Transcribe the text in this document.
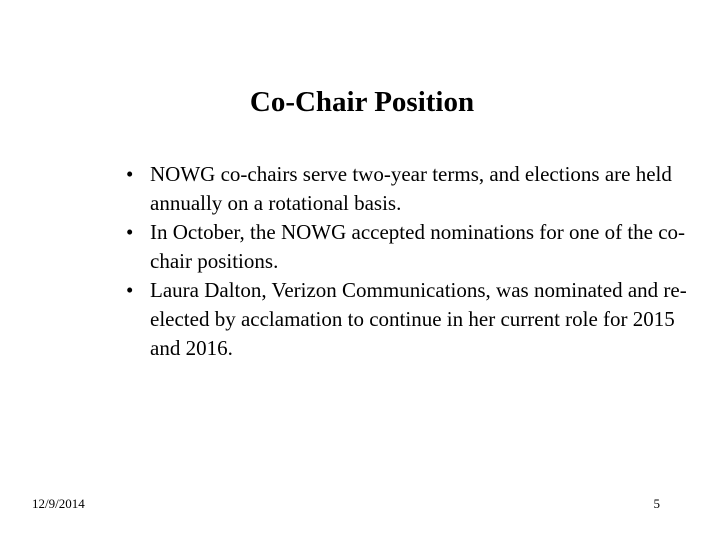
Co-Chair Position
• NOWG co-chairs serve two-year terms, and elections are held annually on a rotational basis.
• In October, the NOWG accepted nominations for one of the co-chair positions.
• Laura Dalton, Verizon Communications, was nominated and re-elected by acclamation to continue in her current role for 2015 and 2016.
12/9/2014	5
